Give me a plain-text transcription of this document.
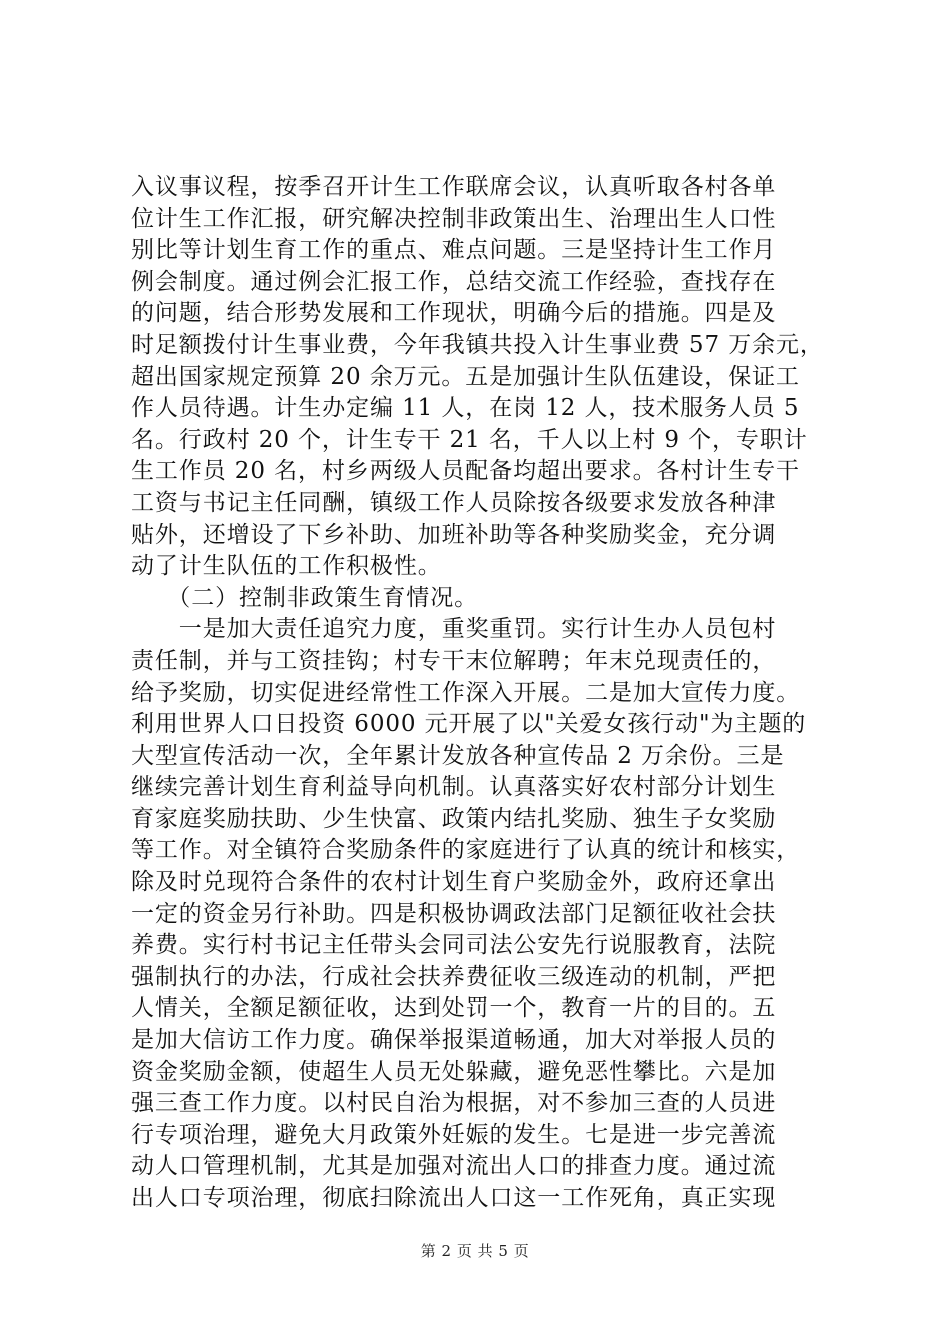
入议事议程，按季召开计生工作联席会议，认真听取各村各单
位计生工作汇报，研究解决控制非政策出生、治理出生人口性
别比等计划生育工作的重点、难点问题。三是坚持计生工作月
例会制度。通过例会汇报工作，总结交流工作经验，查找存在
的问题，结合形势发展和工作现状，明确今后的措施。四是及
时足额拨付计生事业费，今年我镇共投入计生事业费 57 万余元，
超出国家规定预算 20 余万元。五是加强计生队伍建设，保证工
作人员待遇。计生办定编 11 人，在岗 12 人，技术服务人员 5
名。行政村 20 个，计生专干 21 名，千人以上村 9 个，专职计
生工作员 20 名，村乡两级人员配备均超出要求。各村计生专干
工资与书记主任同酬，镇级工作人员除按各级要求发放各种津
贴外，还增设了下乡补助、加班补助等各种奖励奖金，充分调
动了计生队伍的工作积极性。
　　（二）控制非政策生育情况。
　　一是加大责任追究力度，重奖重罚。实行计生办人员包村
责任制，并与工资挂钩；村专干末位解聘；年末兑现责任的，
给予奖励，切实促进经常性工作深入开展。二是加大宣传力度。
利用世界人口日投资 6000 元开展了以"关爱女孩行动"为主题的
大型宣传活动一次，全年累计发放各种宣传品 2 万余份。三是
继续完善计划生育利益导向机制。认真落实好农村部分计划生
育家庭奖励扶助、少生快富、政策内结扎奖励、独生子女奖励
等工作。对全镇符合奖励条件的家庭进行了认真的统计和核实，
除及时兑现符合条件的农村计划生育户奖励金外，政府还拿出
一定的资金另行补助。四是积极协调政法部门足额征收社会扶
养费。实行村书记主任带头会同司法公安先行说服教育，法院
强制执行的办法，行成社会扶养费征收三级连动的机制，严把
人情关，全额足额征收，达到处罚一个，教育一片的目的。五
是加大信访工作力度。确保举报渠道畅通，加大对举报人员的
资金奖励金额，使超生人员无处躲藏，避免恶性攀比。六是加
强三查工作力度。以村民自治为根据，对不参加三查的人员进
行专项治理，避免大月政策外妊娠的发生。七是进一步完善流
动人口管理机制，尤其是加强对流出人口的排查力度。通过流
出人口专项治理，彻底扫除流出人口这一工作死角，真正实现
第 2 页 共 5 页
